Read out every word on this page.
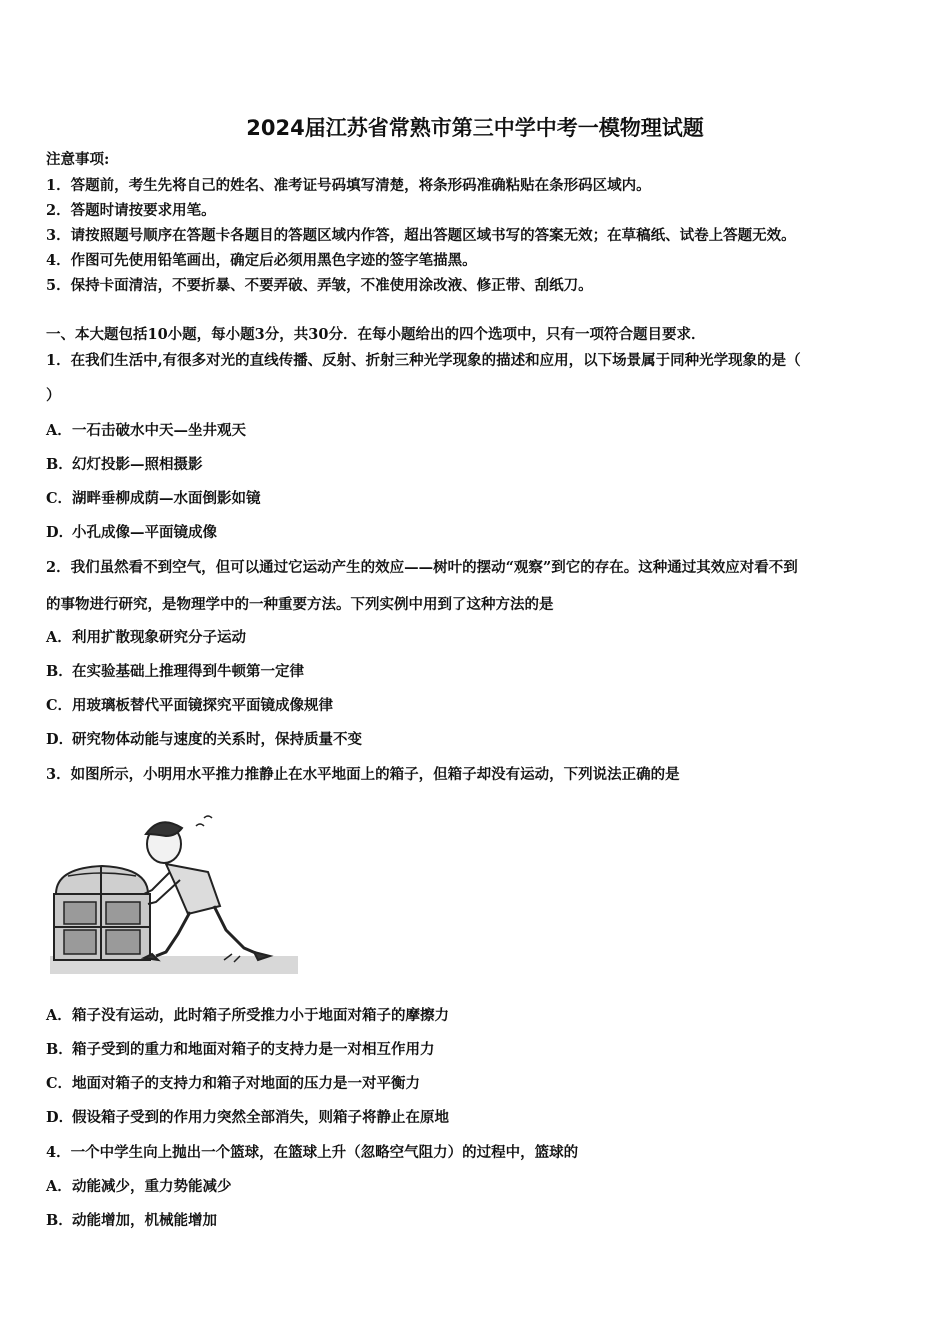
2024届江苏省常熟市第三中学中考一模物理试题
注意事项:
1．答题前，考生先将自己的姓名、准考证号码填写清楚，将条形码准确粘贴在条形码区域内。
2．答题时请按要求用笔。
3．请按照题号顺序在答题卡各题目的答题区域内作答，超出答题区域书写的答案无效；在草稿纸、试卷上答题无效。
4．作图可先使用铅笔画出，确定后必须用黑色字迹的签字笔描黑。
5．保持卡面清洁，不要折暴、不要弄破、弄皱，不准使用涂改液、修正带、刮纸刀。
一、本大题包括10小题，每小题3分，共30分．在每小题给出的四个选项中，只有一项符合题目要求．
1．在我们生活中,有很多对光的直线传播、反射、折射三种光学现象的描述和应用，以下场景属于同种光学现象的是（
）
A．一石击破水中天—坐井观天
B．幻灯投影—照相摄影
C．湖畔垂柳成荫—水面倒影如镜
D．小孔成像—平面镜成像
2．我们虽然看不到空气，但可以通过它运动产生的效应——树叶的摆动“观察”到它的存在。这种通过其效应对看不到
的事物进行研究，是物理学中的一种重要方法。下列实例中用到了这种方法的是
A．利用扩散现象研究分子运动
B．在实验基础上推理得到牛顿第一定律
C．用玻璃板替代平面镜探究平面镜成像规律
D．研究物体动能与速度的关系时，保持质量不变
3．如图所示，小明用水平推力推静止在水平地面上的箱子，但箱子却没有运动，下列说法正确的是
A．箱子没有运动，此时箱子所受推力小于地面对箱子的摩擦力
B．箱子受到的重力和地面对箱子的支持力是一对相互作用力
C．地面对箱子的支持力和箱子对地面的压力是一对平衡力
D．假设箱子受到的作用力突然全部消失，则箱子将静止在原地
4．一个中学生向上抛出一个篮球，在篮球上升（忽略空气阻力）的过程中，篮球的
A．动能减少，重力势能减少
B．动能增加，机械能增加
